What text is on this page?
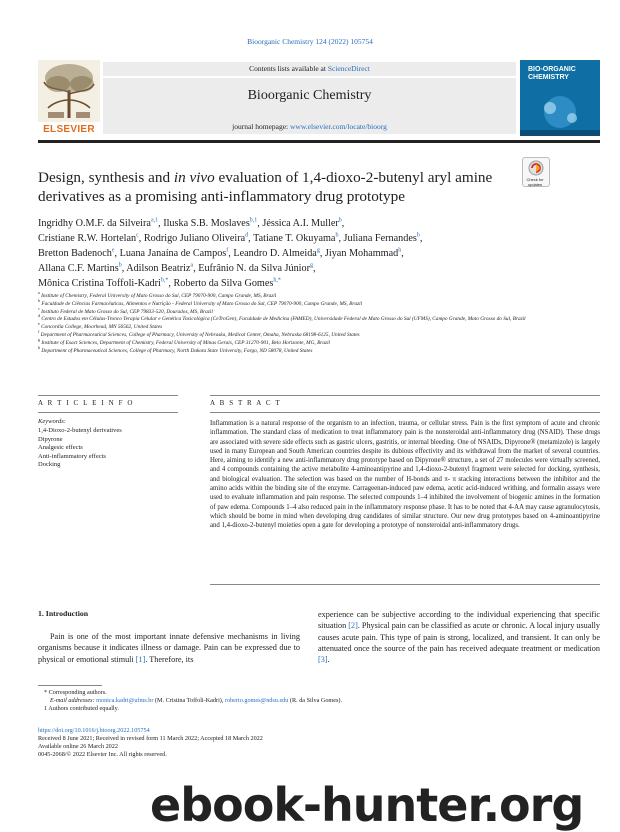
Bioorganic Chemistry 124 (2022) 105754
ELSEVIER
Contents lists available at ScienceDirect
Bioorganic Chemistry
journal homepage: www.elsevier.com/locate/bioorg
BIO-ORGANIC
CHEMISTRY
Design, synthesis and in vivo evaluation of 1,4-dioxo-2-butenyl aryl amine derivatives as a promising anti-inflammatory drug prototype
Check for
updates
Ingridhy O.M.F. da Silveira$^{a,1}$, Iluska S.B. Moslaves$^{b,1}$, Jéssica A.I. Muller$^b$,
Cristiane R.W. Hortelan$^c$, Rodrigo Juliano Oliveira$^d$, Tatiane T. Okuyama$^b$, Juliana Fernandes$^b$,
Bretton Badenoch$^e$, Luana Janaína de Campos$^f$, Leandro D. Almeida$^g$, Jiyan Mohammad$^h$,
Allana C.F. Martins$^b$, Adilson Beatriz$^a$, Eufrânio N. da Silva Júnior$^g$,
Mônica Cristina Toffoli-Kadri$^{b,*}$, Roberto da Silva Gomes$^{h,*}$
$^a$ Institute of Chemistry, Federal University of Mato Grosso do Sul, CEP 79070-900, Campo Grande, MS, Brazil
$^b$ Faculdade de Ciências Farmacêuticas, Alimentos e Nutrição - Federal University of Mato Grosso do Sul, CEP 79070-900, Campo Grande, MS, Brazil
$^c$ Instituto Federal de Mato Grosso do Sul, CEP 79833-520, Dourados, MS, Brazil
$^d$ Centro de Estudos em Células-Tronco Terapia Celular e Genética Toxicológica (CeTroGen), Faculdade de Medicina (FAMED), Universidade Federal de Mato Grosso do Sul (UFMS), Campo Grande, Mato Grosso do Sul, Brazil
$^e$ Concordia College, Moorhead, MN 56562, United States
$^f$ Department of Pharmaceutical Sciences, College of Pharmacy, University of Nebraska, Medical Center, Omaha, Nebraska 68198-6125, United States
$^g$ Institute of Exact Sciences, Department of Chemistry, Federal University of Minas Gerais, CEP 31270-901, Belo Horizonte, MG, Brazil
$^h$ Department of Pharmaceutical Sciences, College of Pharmacy, North Dakota State University, Fargo, ND 58078, United States
A R T I C L E I N F O
Keywords:
1,4-Dioxo-2-butenyl derivatives
Dipyrone
Analgesic effects
Anti-inflammatory effects
Docking
A B S T R A C T
Inflammation is a natural response of the organism to an infection, trauma, or cellular stress. Pain is the first symptom of acute and chronic inflammation. The standard class of medication to treat inflammatory pain is the nonsteroidal anti-inflammatory drug (NSAID). These drugs are associated with severe side effects such as gastric ulcers, gastritis, or internal bleeding. One of NSAIDs, Dipyrone® (metamizole) is largely used in many European and South American countries despite its dubious effectivity and its withdrawal from the market of several countries. Here, aiming to identify a new anti-inflammatory drug prototype based on Dipyrone® structure, a set of 27 molecules were virtually screened, and 4 compounds containing the active metabolite 4-aminoantipyrine and 1,4-dioxo-2-butenyl fragment were selected for docking, synthesis, and biological evaluation. The selection was based on the number of H-bonds and π- π stacking interactions between the inhibitor and the amino acids within the binding site of the enzyme. Carrageenan-induced paw edema, acetic acid-induced writhing, and formalin assays were used to evaluate inflammation and pain response. The selected compounds 1–4 inhibited the involvement of biogenic amines in the formation of paw edema. Compounds 1–4 also reduced pain in the inflammatory response phase. It has to be noted that 4-AA may cause agranulocytosis, which should be borne in mind when developing drug candidates of similar structure. Our new drug prototypes based on 4-aminoantipyrine and 1,4-dioxo-2-butenyl moieties open a gate for developing a prototype of nonsteroidal anti-inflammatory drugs.
1. Introduction
Pain is one of the most important innate defensive mechanisms in living organisms because it indicates illness or damage. Pain can be expressed due to physical or emotional stimuli [1]. Therefore, its
experience can be subjective according to the individual experiencing that specific situation [2]. Physical pain can be classified as acute or chronic. A local injury usually causes acute pain. This type of pain is strong, localized, and transient. It can only be attenuated once the source of the pain has received adequate treatment or medication [3].
* Corresponding authors.
E-mail addresses: monica.kadri@ufms.br (M. Cristina Toffoli-Kadri), roberto.gomes@ndsu.edu (R. da Silva Gomes).
1 Authors contributed equally.
https://doi.org/10.1016/j.bioorg.2022.105754
Received 8 June 2021; Received in revised form 11 March 2022; Accepted 18 March 2022
Available online 26 March 2022
0045-2068/© 2022 Elsevier Inc. All rights reserved.
ebook-hunter.org
